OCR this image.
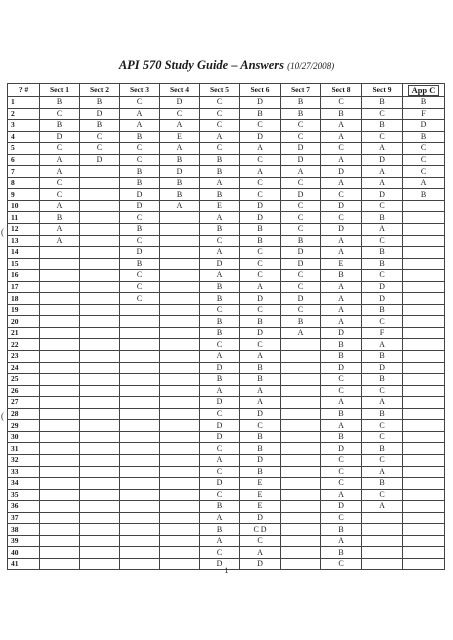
API 570 Study Guide – Answers (10/27/2008)
? #	Sect 1	Sect 2	Sect 3	Sect 4	Sect 5	Sect 6	Sect 7	Sect 8	Sect 9	App C
1	B	B	C	D	C	D	B	C	B	B
2	C	D	A	C	C	B	B	B	C	F
3	B	B	A	A	C	C	C	A	B	D
4	D	C	B	E	A	D	C	A	C	B
5	C	C	C	A	C	A	D	C	A	C
6	A	D	C	B	B	C	D	A	D	C
7	A		B	D	B	A	A	D	A	C
8	C		B	B	A	C	C	A	A	A
9	C		D	B	B	C	D	C	D	B
10	A		D	A	E	D	C	D	C	
11	B		C		A	D	C	C	B	
12	A		B		B	B	C	D	A	
13	A		C		C	B	B	A	C	
14			D		A	C	D	A	B	
15			B		D	C	D	E	B	
16			C		A	C	C	B	C	
17			C		B	A	C	A	D	
18			C		B	D	D	A	D	
19					C	C	C	A	B	
20					B	B	B	A	C	
21					B	D	A	D	F	
22					C	C		B	A	
23					A	A		B	B	
24					D	B		D	D	
25					B	B		C	B	
26					A	A		C	C	
27					D	A		A	A	
28					C	D		B	B	
29					D	C		A	C	
30					D	B		B	C	
31					C	B		D	B	
32					A	D		C	C	
33					C	B		C	A	
34					D	E		C	B	
35					C	E		A	C	
36					B	E		D	A	
37					A	D		C		
38					B	C D		B		
39					A	C		A		
40					C	A		B		
41					D	D		C		
(
(
1
